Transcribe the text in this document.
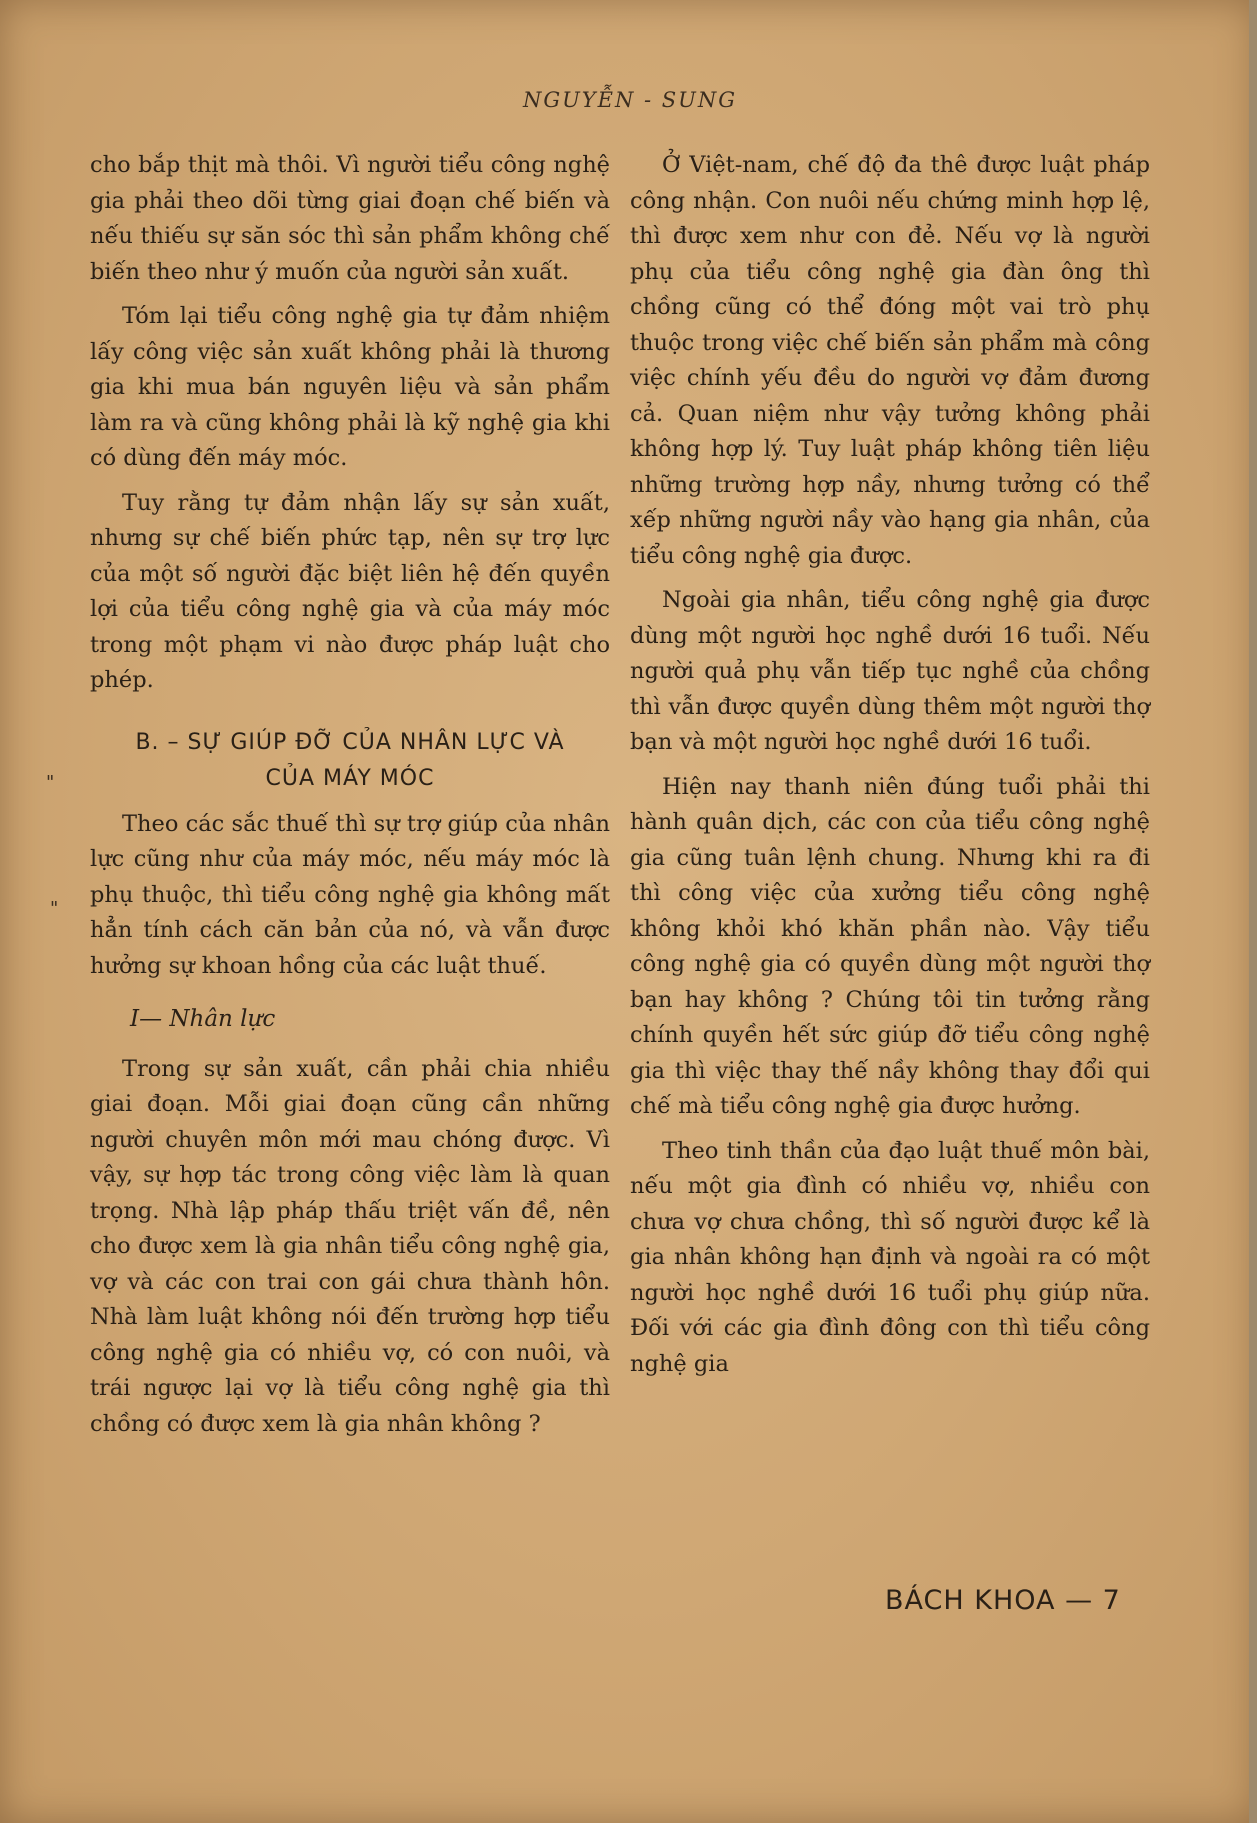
NGUYỄN - SUNG

cho bắp thịt mà thôi. Vì người tiểu công nghệ gia phải theo dõi từng giai đoạn chế biến và nếu thiếu sự săn sóc thì sản phẩm không chế biến theo như ý muốn của người sản xuất.

Tóm lại tiểu công nghệ gia tự đảm nhiệm lấy công việc sản xuất không phải là thương gia khi mua bán nguyên liệu và sản phẩm làm ra và cũng không phải là kỹ nghệ gia khi có dùng đến máy móc.

Tuy rằng tự đảm nhận lấy sự sản xuất, nhưng sự chế biến phức tạp, nên sự trợ lực của một số người đặc biệt liên hệ đến quyền lợi của tiểu công nghệ gia và của máy móc trong một phạm vi nào được pháp luật cho phép.

B. – SỰ GIÚP ĐỠ CỦA NHÂN LỰC VÀ
CỦA MÁY MÓC

Theo các sắc thuế thì sự trợ giúp của nhân lực cũng như của máy móc, nếu máy móc là phụ thuộc, thì tiểu công nghệ gia không mất hẳn tính cách căn bản của nó, và vẫn được hưởng sự khoan hồng của các luật thuế.

I— Nhân lực

Trong sự sản xuất, cần phải chia nhiều giai đoạn. Mỗi giai đoạn cũng cần những người chuyên môn mới mau chóng được. Vì vậy, sự hợp tác trong công việc làm là quan trọng. Nhà lập pháp thấu triệt vấn đề, nên cho được xem là gia nhân tiểu công nghệ gia, vợ và các con trai con gái chưa thành hôn. Nhà làm luật không nói đến trường hợp tiểu công nghệ gia có nhiều vợ, có con nuôi, và trái ngược lại vợ là tiểu công nghệ gia thì chồng có được xem là gia nhân không ?

Ở Việt-nam, chế độ đa thê được luật pháp công nhận. Con nuôi nếu chứng minh hợp lệ, thì được xem như con đẻ. Nếu vợ là người phụ của tiểu công nghệ gia đàn ông thì chồng cũng có thể đóng một vai trò phụ thuộc trong việc chế biến sản phẩm mà công việc chính yếu đều do người vợ đảm đương cả. Quan niệm như vậy tưởng không phải không hợp lý. Tuy luật pháp không tiên liệu những trường hợp nầy, nhưng tưởng có thể xếp những người nầy vào hạng gia nhân, của tiểu công nghệ gia được.

Ngoài gia nhân, tiểu công nghệ gia được dùng một người học nghề dưới 16 tuổi. Nếu người quả phụ vẫn tiếp tục nghề của chồng thì vẫn được quyền dùng thêm một người thợ bạn và một người học nghề dưới 16 tuổi.

Hiện nay thanh niên đúng tuổi phải thi hành quân dịch, các con của tiểu công nghệ gia cũng tuân lệnh chung. Nhưng khi ra đi thì công việc của xưởng tiểu công nghệ không khỏi khó khăn phần nào. Vậy tiểu công nghệ gia có quyền dùng một người thợ bạn hay không ? Chúng tôi tin tưởng rằng chính quyền hết sức giúp đỡ tiểu công nghệ gia thì việc thay thế nầy không thay đổi qui chế mà tiểu công nghệ gia được hưởng.

Theo tinh thần của đạo luật thuế môn bài, nếu một gia đình có nhiều vợ, nhiều con chưa vợ chưa chồng, thì số người được kể là gia nhân không hạn định và ngoài ra có một người học nghề dưới 16 tuổi phụ giúp nữa. Đối với các gia đình đông con thì tiểu công nghệ gia

"
"
BÁCH KHOA — 7
